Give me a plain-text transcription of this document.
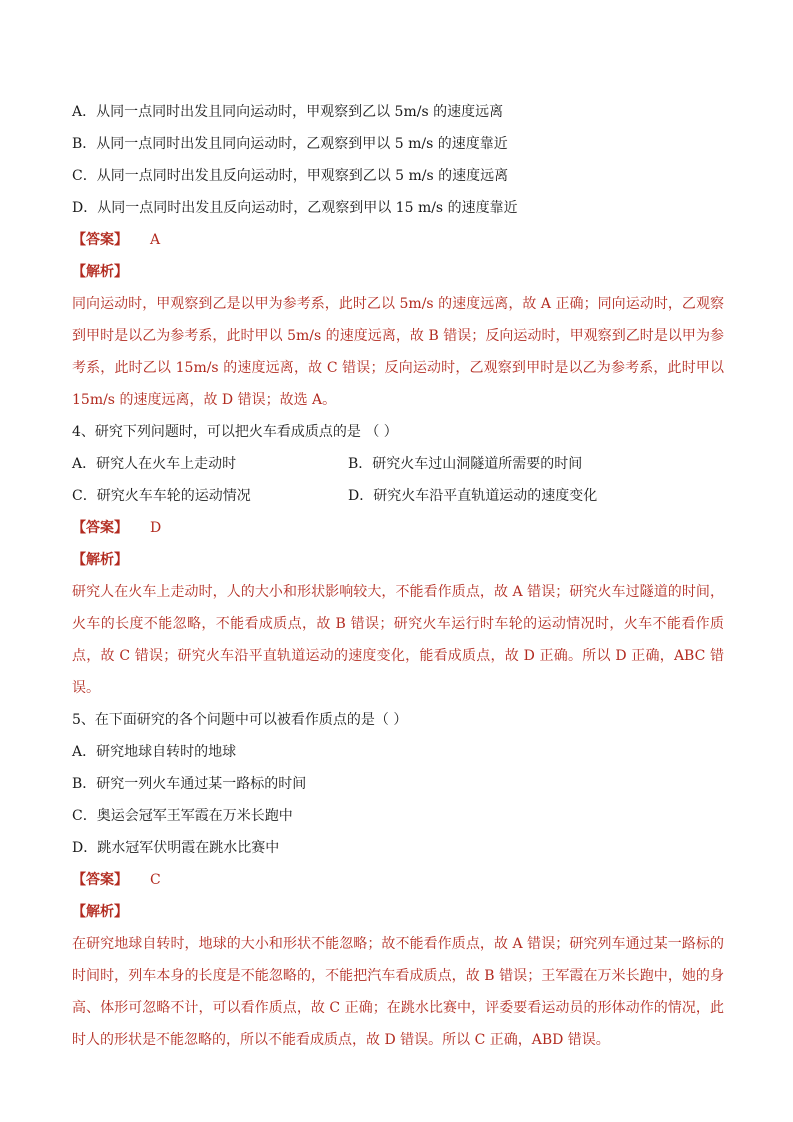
A．从同一点同时出发且同向运动时，甲观察到乙以 5m/s 的速度远离
B．从同一点同时出发且同向运动时，乙观察到甲以 5 m/s 的速度靠近
C．从同一点同时出发且反向运动时，甲观察到乙以 5 m/s 的速度远离
D．从同一点同时出发且反向运动时，乙观察到甲以 15 m/s 的速度靠近
【答案】 A
【解析】
同向运动时，甲观察到乙是以甲为参考系，此时乙以 5m/s 的速度远离，故 A 正确；同向运动时，乙观察到甲时是以乙为参考系，此时甲以 5m/s 的速度远离，故 B 错误；反向运动时，甲观察到乙时是以甲为参考系，此时乙以 15m/s 的速度远离，故 C 错误；反向运动时，乙观察到甲时是以乙为参考系，此时甲以 15m/s 的速度远离，故 D 错误；故选 A。
4、研究下列问题时，可以把火车看成质点的是 （ ）
A．研究人在火车上走动时	B．研究火车过山洞隧道所需要的时间
C．研究火车车轮的运动情况	D．研究火车沿平直轨道运动的速度变化
【答案】 D
【解析】
研究人在火车上走动时，人的大小和形状影响较大，不能看作质点，故 A 错误；研究火车过隧道的时间，火车的长度不能忽略，不能看成质点，故 B 错误；研究火车运行时车轮的运动情况时，火车不能看作质点，故 C 错误；研究火车沿平直轨道运动的速度变化，能看成质点，故 D 正确。所以 D 正确，ABC 错误。
5、在下面研究的各个问题中可以被看作质点的是（ ）
A．研究地球自转时的地球
B．研究一列火车通过某一路标的时间
C．奥运会冠军王军霞在万米长跑中
D．跳水冠军伏明霞在跳水比赛中
【答案】 C
【解析】
在研究地球自转时，地球的大小和形状不能忽略；故不能看作质点，故 A 错误；研究列车通过某一路标的时间时，列车本身的长度是不能忽略的，不能把汽车看成质点，故 B 错误；王军霞在万米长跑中，她的身高、体形可忽略不计，可以看作质点，故 C 正确；在跳水比赛中，评委要看运动员的形体动作的情况，此时人的形状是不能忽略的，所以不能看成质点，故 D 错误。所以 C 正确，ABD 错误。
